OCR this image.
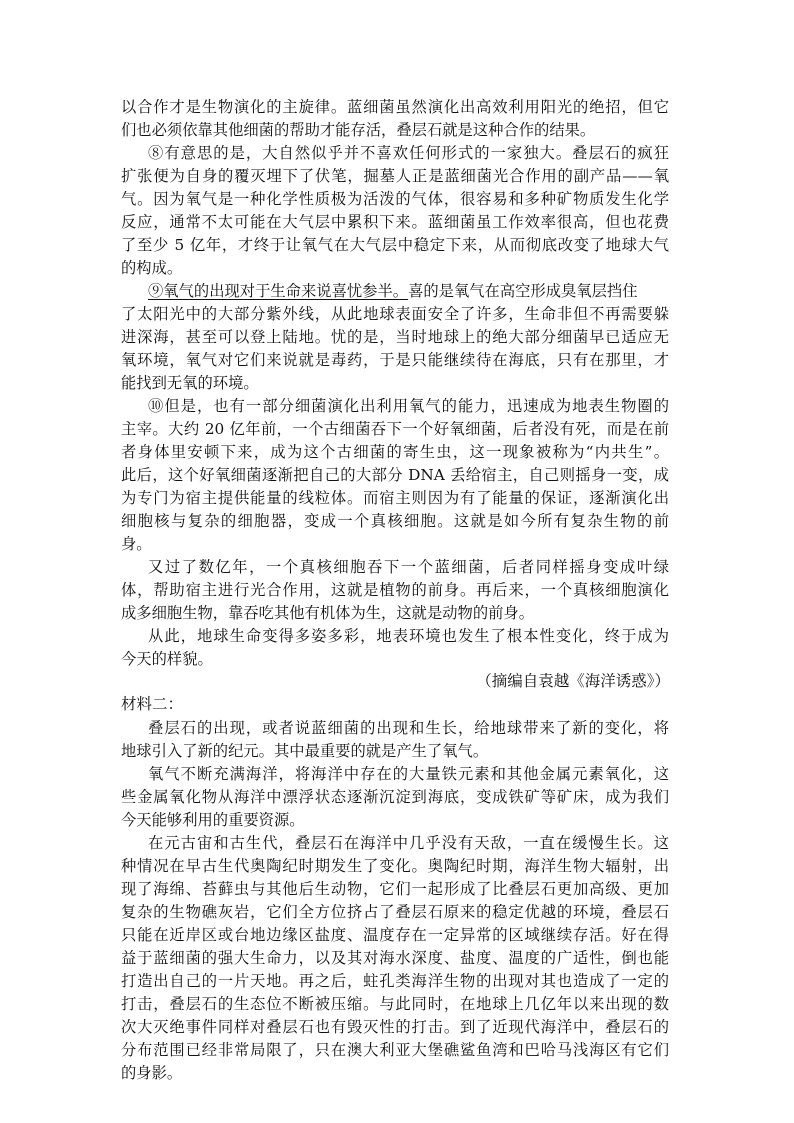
以合作才是生物演化的主旋律。蓝细菌虽然演化出高效利用阳光的绝招，但它
们也必须依靠其他细菌的帮助才能存活，叠层石就是这种合作的结果。
⑧有意思的是，大自然似乎并不喜欢任何形式的一家独大。叠层石的疯狂
扩张便为自身的覆灭埋下了伏笔，掘墓人正是蓝细菌光合作用的副产品——氧
气。因为氧气是一种化学性质极为活泼的气体，很容易和多种矿物质发生化学
反应，通常不太可能在大气层中累积下来。蓝细菌虽工作效率很高，但也花费
了至少 5 亿年，才终于让氧气在大气层中稳定下来，从而彻底改变了地球大气
的构成。
⑨氧气的出现对于生命来说喜忧参半。喜的是氧气在高空形成臭氧层挡住
了太阳光中的大部分紫外线，从此地球表面安全了许多，生命非但不再需要躲
进深海，甚至可以登上陆地。忧的是，当时地球上的绝大部分细菌早已适应无
氧环境，氧气对它们来说就是毒药，于是只能继续待在海底，只有在那里，才
能找到无氧的环境。
⑩但是，也有一部分细菌演化出利用氧气的能力，迅速成为地表生物圈的
主宰。大约 20 亿年前，一个古细菌吞下一个好氧细菌，后者没有死，而是在前
者身体里安顿下来，成为这个古细菌的寄生虫，这一现象被称为“内共生”。
此后，这个好氧细菌逐渐把自己的大部分 DNA 丢给宿主，自己则摇身一变，成
为专门为宿主提供能量的线粒体。而宿主则因为有了能量的保证，逐渐演化出
细胞核与复杂的细胞器，变成一个真核细胞。这就是如今所有复杂生物的前
身。
又过了数亿年，一个真核细胞吞下一个蓝细菌，后者同样摇身变成叶绿
体，帮助宿主进行光合作用，这就是植物的前身。再后来，一个真核细胞演化
成多细胞生物，靠吞吃其他有机体为生，这就是动物的前身。
从此，地球生命变得多姿多彩，地表环境也发生了根本性变化，终于成为
今天的样貌。
（摘编自袁越《海洋诱惑》）
材料二：
叠层石的出现，或者说蓝细菌的出现和生长，给地球带来了新的变化，将
地球引入了新的纪元。其中最重要的就是产生了氧气。
氧气不断充满海洋，将海洋中存在的大量铁元素和其他金属元素氧化，这
些金属氧化物从海洋中漂浮状态逐渐沉淀到海底，变成铁矿等矿床，成为我们
今天能够利用的重要资源。
在元古宙和古生代，叠层石在海洋中几乎没有天敌，一直在缓慢生长。这
种情况在早古生代奥陶纪时期发生了变化。奥陶纪时期，海洋生物大辐射，出
现了海绵、苔藓虫与其他后生动物，它们一起形成了比叠层石更加高级、更加
复杂的生物礁灰岩，它们全方位挤占了叠层石原来的稳定优越的环境，叠层石
只能在近岸区或台地边缘区盐度、温度存在一定异常的区域继续存活。好在得
益于蓝细菌的强大生命力，以及其对海水深度、盐度、温度的广适性，倒也能
打造出自己的一片天地。再之后，蛀孔类海洋生物的出现对其也造成了一定的
打击，叠层石的生态位不断被压缩。与此同时，在地球上几亿年以来出现的数
次大灭绝事件同样对叠层石也有毁灭性的打击。到了近现代海洋中，叠层石的
分布范围已经非常局限了，只在澳大利亚大堡礁鲨鱼湾和巴哈马浅海区有它们
的身影。
